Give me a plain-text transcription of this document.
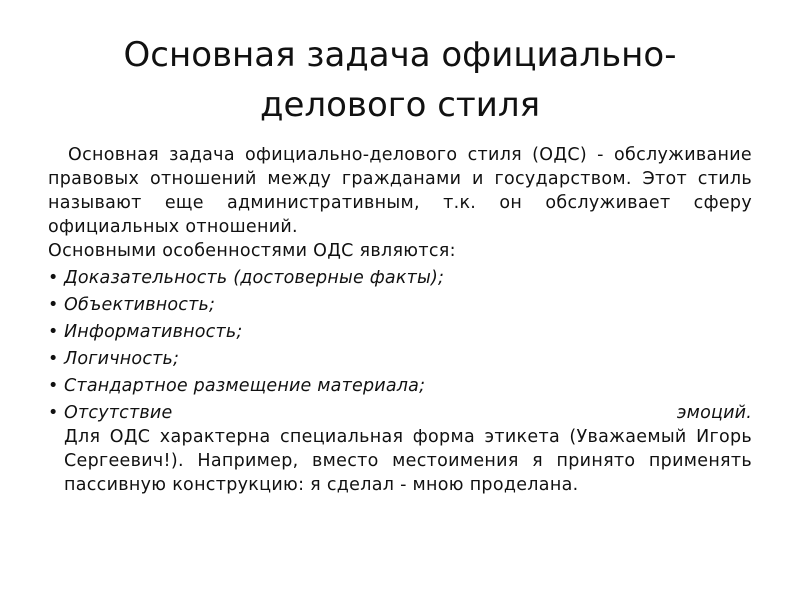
Основная задача официально-делового стиля

Основная задача официально-делового стиля (ОДС) - обслуживание правовых отношений между гражданами и государством. Этот стиль называют еще административным, т.к. он обслуживает сферу официальных отношений.

Основными особенностями ОДС являются:

• Доказательность (достоверные факты);
• Объективность;
• Информативность;
• Логичность;
• Стандартное размещение материала;
• Отсутствие	эмоций.

Для ОДС характерна специальная форма этикета (Уважаемый Игорь Сергеевич!). Например, вместо местоимения я принято применять пассивную конструкцию: я сделал - мною проделана.
